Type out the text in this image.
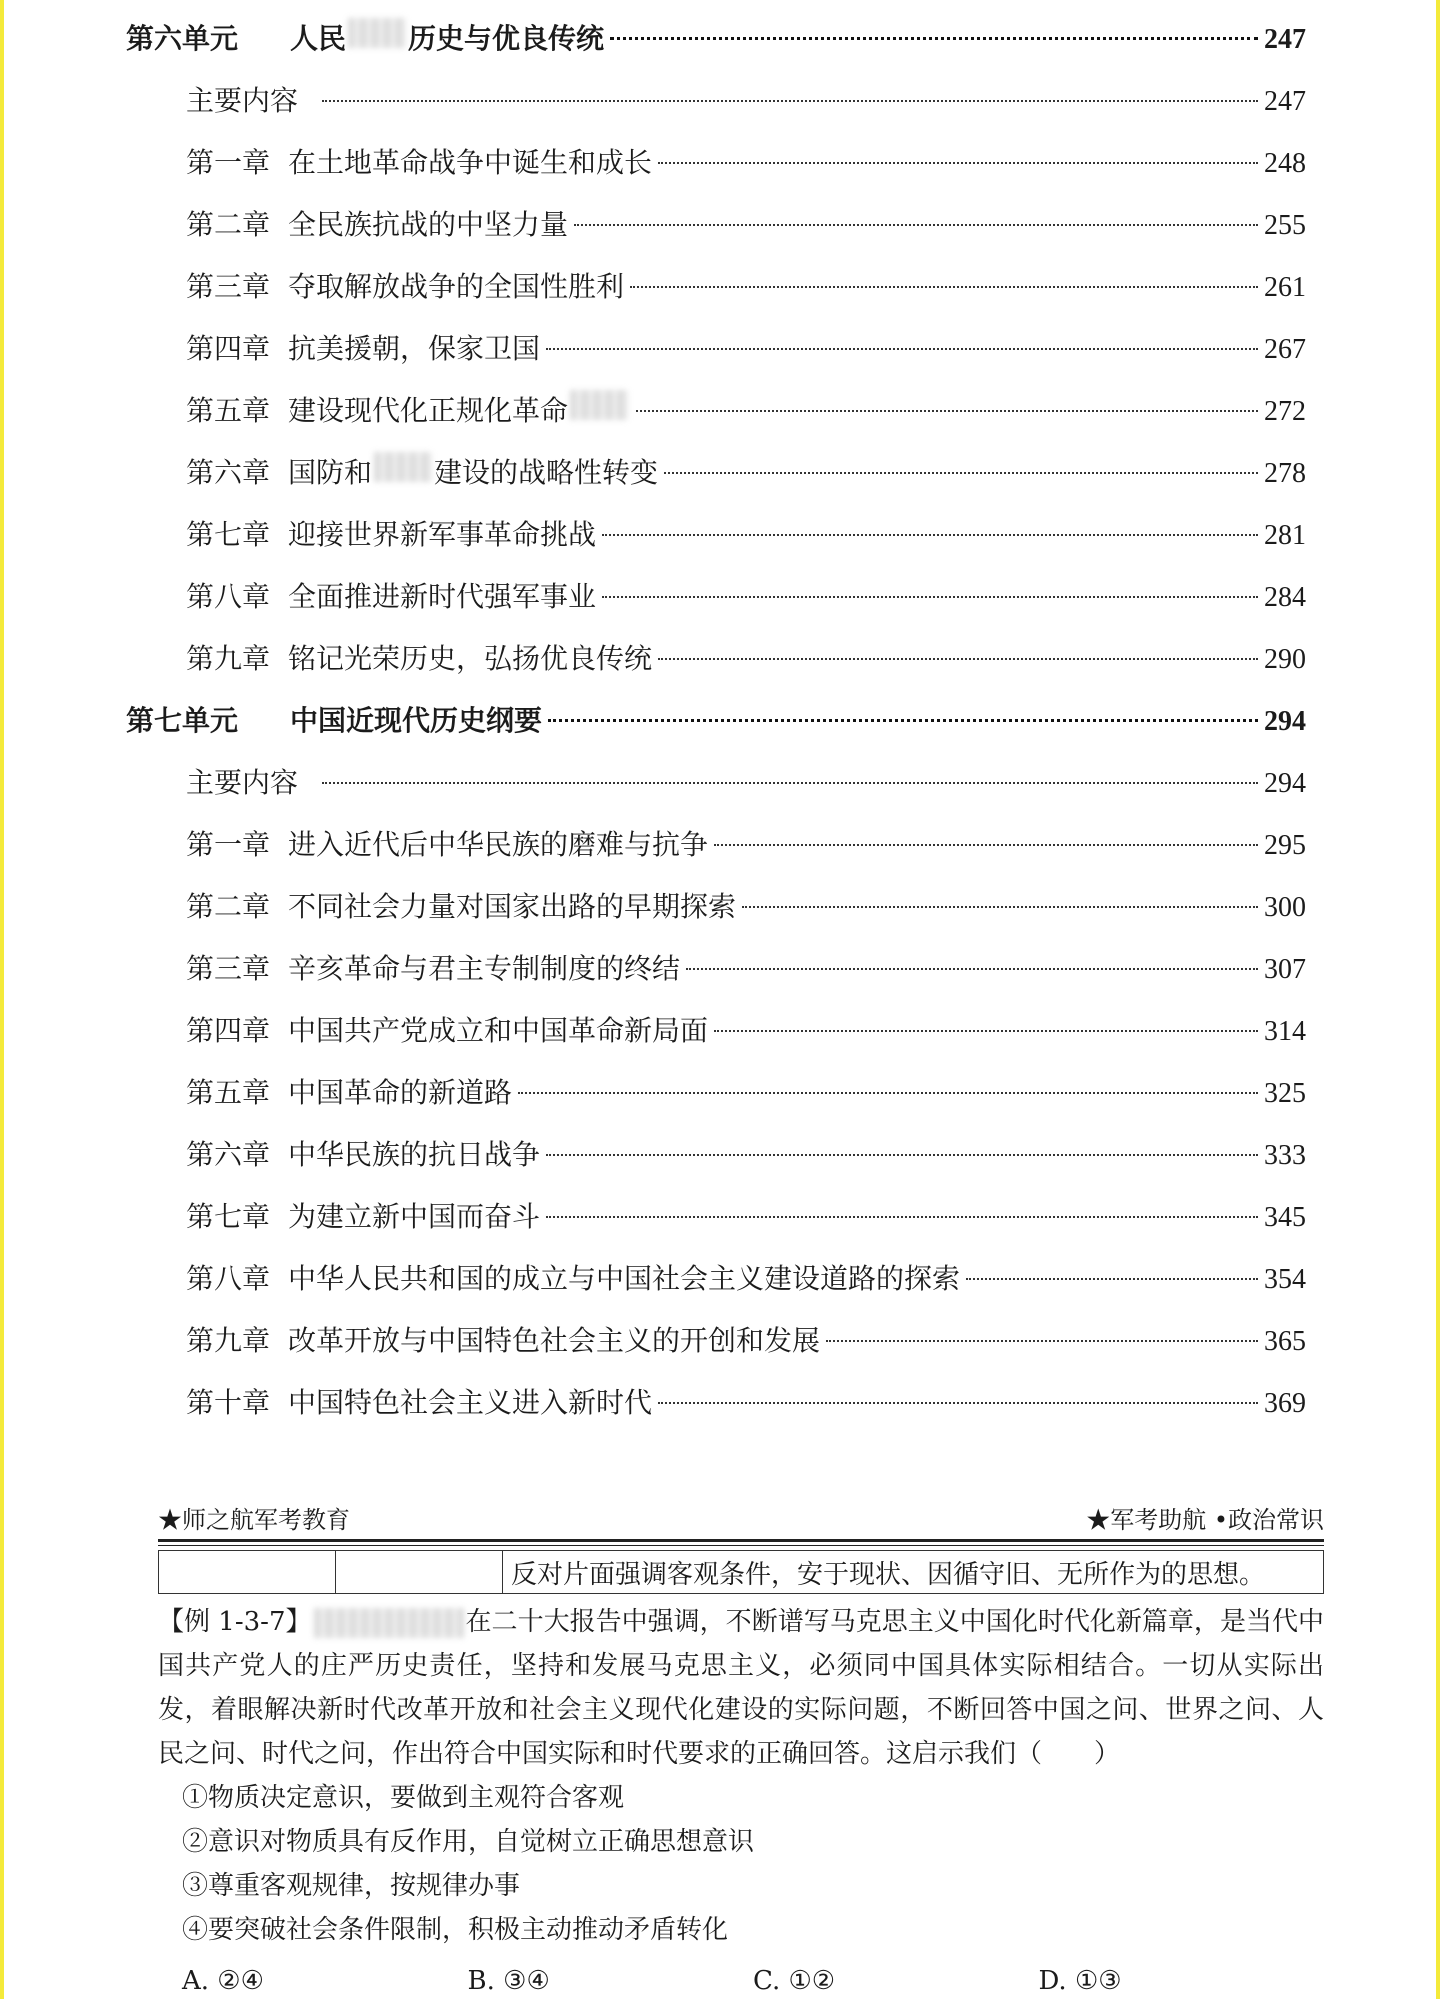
第六单元	人民 历史与优良传统	247
主要内容	247
第一章 在土地革命战争中诞生和成长	248
第二章 全民族抗战的中坚力量	255
第三章 夺取解放战争的全国性胜利	261
第四章 抗美援朝，保家卫国	267
第五章 建设现代化正规化革命	272
第六章 国防和 建设的战略性转变	278
第七章 迎接世界新军事革命挑战	281
第八章 全面推进新时代强军事业	284
第九章 铭记光荣历史，弘扬优良传统	290
第七单元	中国近现代历史纲要	294
主要内容	294
第一章 进入近代后中华民族的磨难与抗争	295
第二章 不同社会力量对国家出路的早期探索	300
第三章 辛亥革命与君主专制制度的终结	307
第四章 中国共产党成立和中国革命新局面	314
第五章 中国革命的新道路	325
第六章 中华民族的抗日战争	333
第七章 为建立新中国而奋斗	345
第八章 中华人民共和国的成立与中国社会主义建设道路的探索	354
第九章 改革开放与中国特色社会主义的开创和发展	365
第十章 中国特色社会主义进入新时代	369
★师之航军考教育	★军考助航 •政治常识
		反对片面强调客观条件，安于现状、因循守旧、无所作为的思想。

【例 1-3-7】	在二十大报告中强调，不断谱写马克思主义中国化时代化新篇章，是当代中国共产党人的庄严历史责任，坚持和发展马克思主义，必须同中国具体实际相结合。一切从实际出发，着眼解决新时代改革开放和社会主义现代化建设的实际问题，不断回答中国之问、世界之问、人民之问、时代之问，作出符合中国实际和时代要求的正确回答。这启示我们（　　）

①物质决定意识，要做到主观符合客观
②意识对物质具有反作用，自觉树立正确思想意识
③尊重客观规律，按规律办事
④要突破社会条件限制，积极主动推动矛盾转化
A. ②④	B. ③④	C. ①②	D. ①③
